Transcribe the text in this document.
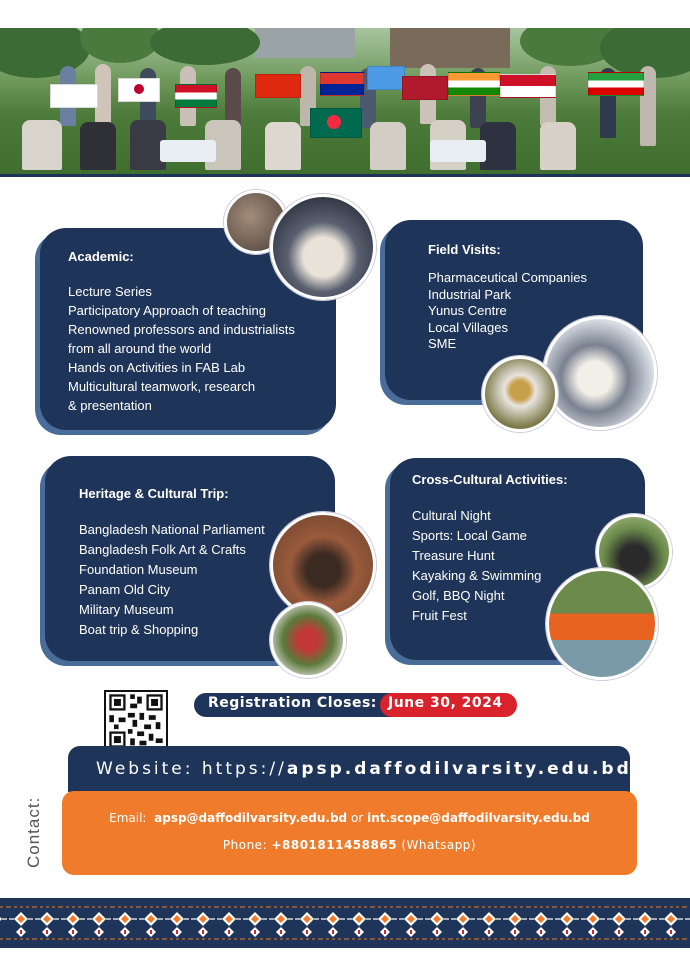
Academic:
Lecture Series
Participatory Approach of teaching
Renowned professors and industrialists
from all around the world
Hands on Activities in FAB Lab
Multicultural teamwork, research
& presentation
Field Visits:
Pharmaceutical Companies
Industrial Park
Yunus Centre
Local Villages
SME
Heritage & Cultural Trip:
Bangladesh National Parliament
Bangladesh Folk Art & Crafts
Foundation Museum
Panam Old City
Military Museum
Boat trip & Shopping
Cross-Cultural Activities:
Cultural Night
Sports: Local Game
Treasure Hunt
Kayaking & Swimming
Golf, BBQ Night
Fruit Fest
Registration Closes: June 30, 2024
Website: https://apsp.daffodilvarsity.edu.bd
Contact:	Email: apsp@daffodilvarsity.edu.bd or int.scope@daffodilvarsity.edu.bd
Phone: +8801811458865 (Whatsapp)
